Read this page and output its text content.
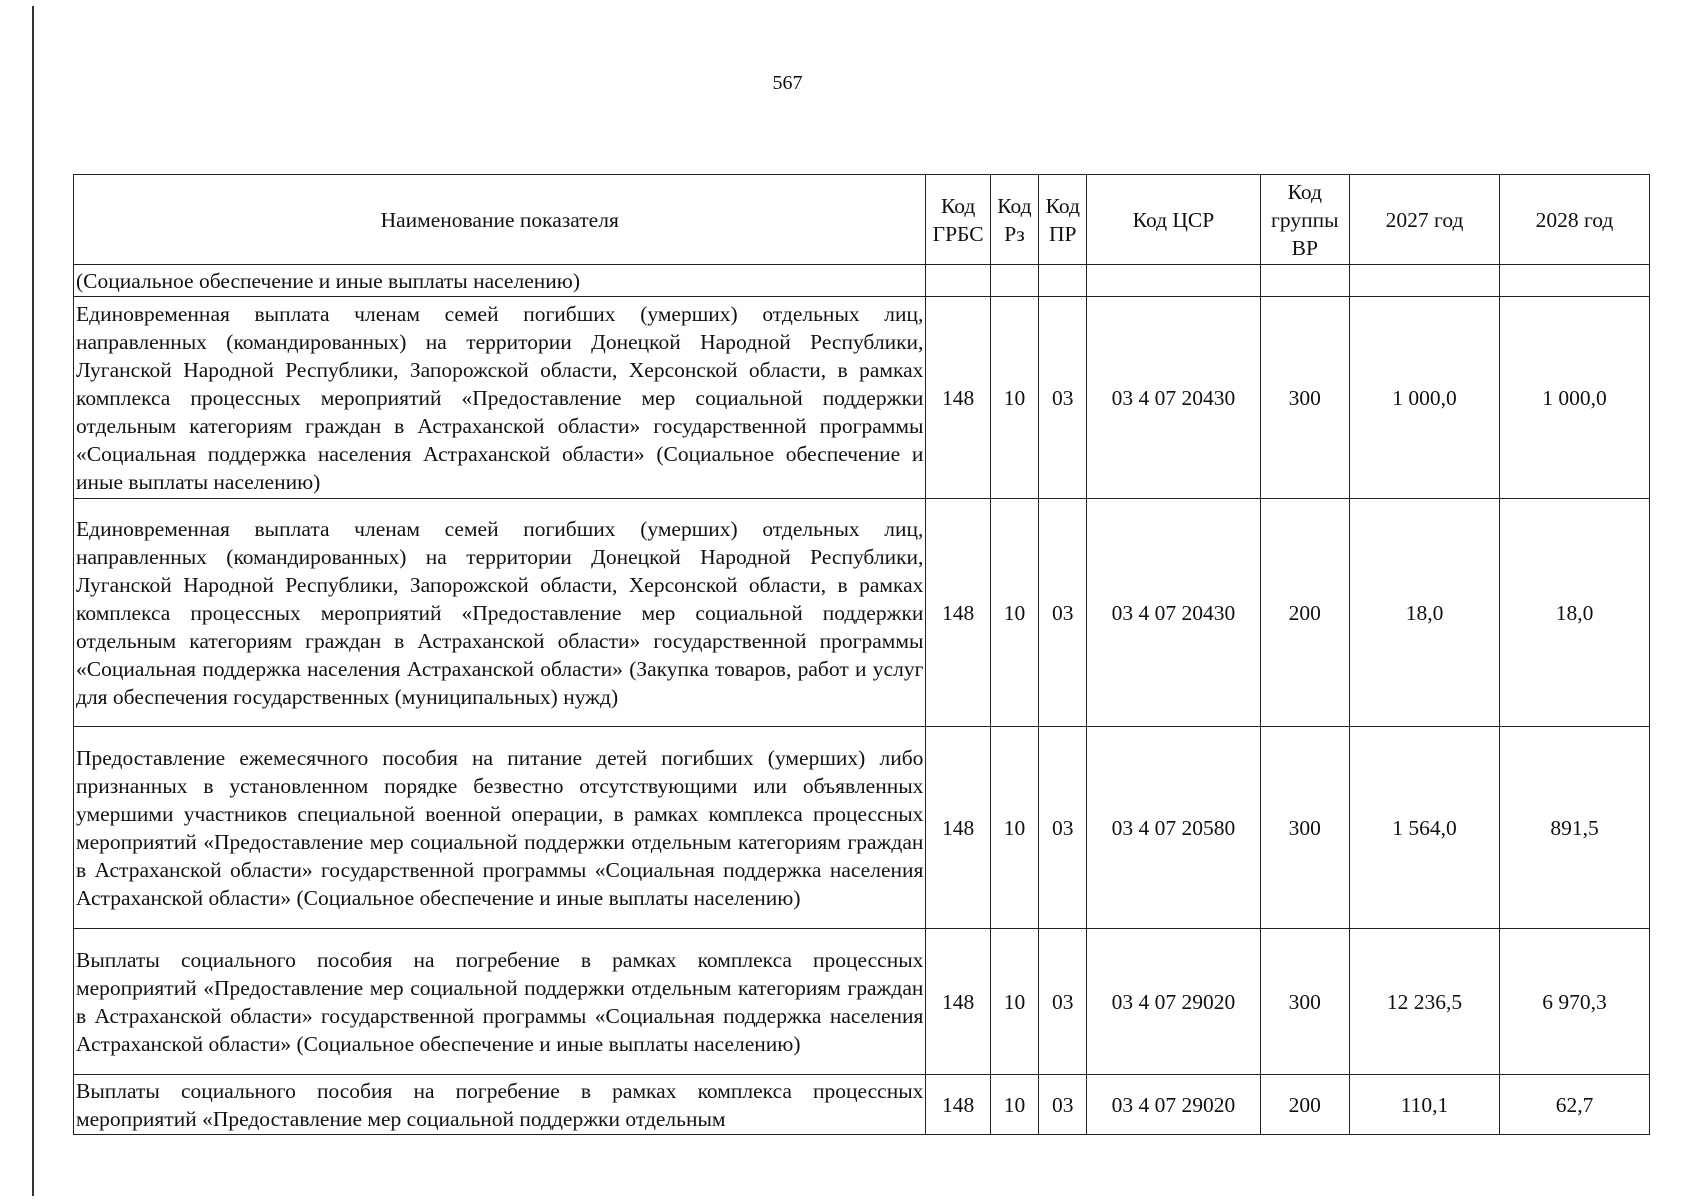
567
Наименование показателя	Код ГРБС	Код Рз	Код ПР	Код ЦСР	Код группы ВР	2027 год	2028 год
(Социальное обеспечение и иные выплаты населению)							
Единовременная выплата членам семей погибших (умерших) отдельных лиц, направленных (командированных) на территории Донецкой Народной Республики, Луганской Народной Республики, Запорожской области, Херсонской области, в рамках комплекса процессных мероприятий «Предоставление мер социальной поддержки отдельным категориям граждан в Астраханской области» государственной программы «Социальная поддержка населения Астраханской области» (Социальное обеспечение и иные выплаты населению)	148	10	03	03 4 07 20430	300	1 000,0	1 000,0
Единовременная выплата членам семей погибших (умерших) отдельных лиц, направленных (командированных) на территории Донецкой Народной Республики, Луганской Народной Республики, Запорожской области, Херсонской области, в рамках комплекса процессных мероприятий «Предоставление мер социальной поддержки отдельным категориям граждан в Астраханской области» государственной программы «Социальная поддержка населения Астраханской области» (Закупка товаров, работ и услуг для обеспечения государственных (муниципальных) нужд)	148	10	03	03 4 07 20430	200	18,0	18,0
Предоставление ежемесячного пособия на питание детей погибших (умерших) либо признанных в установленном порядке безвестно отсутствующими или объявленных умершими участников специальной военной операции, в рамках комплекса процессных мероприятий «Предоставление мер социальной поддержки отдельным категориям граждан в Астраханской области» государственной программы «Социальная поддержка населения Астраханской области» (Социальное обеспечение и иные выплаты населению)	148	10	03	03 4 07 20580	300	1 564,0	891,5
Выплаты социального пособия на погребение в рамках комплекса процессных мероприятий «Предоставление мер социальной поддержки отдельным категориям граждан в Астраханской области» государственной программы «Социальная поддержка населения Астраханской области» (Социальное обеспечение и иные выплаты населению)	148	10	03	03 4 07 29020	300	12 236,5	6 970,3
Выплаты социального пособия на погребение в рамках комплекса процессных мероприятий «Предоставление мер социальной поддержки отдельным	148	10	03	03 4 07 29020	200	110,1	62,7
